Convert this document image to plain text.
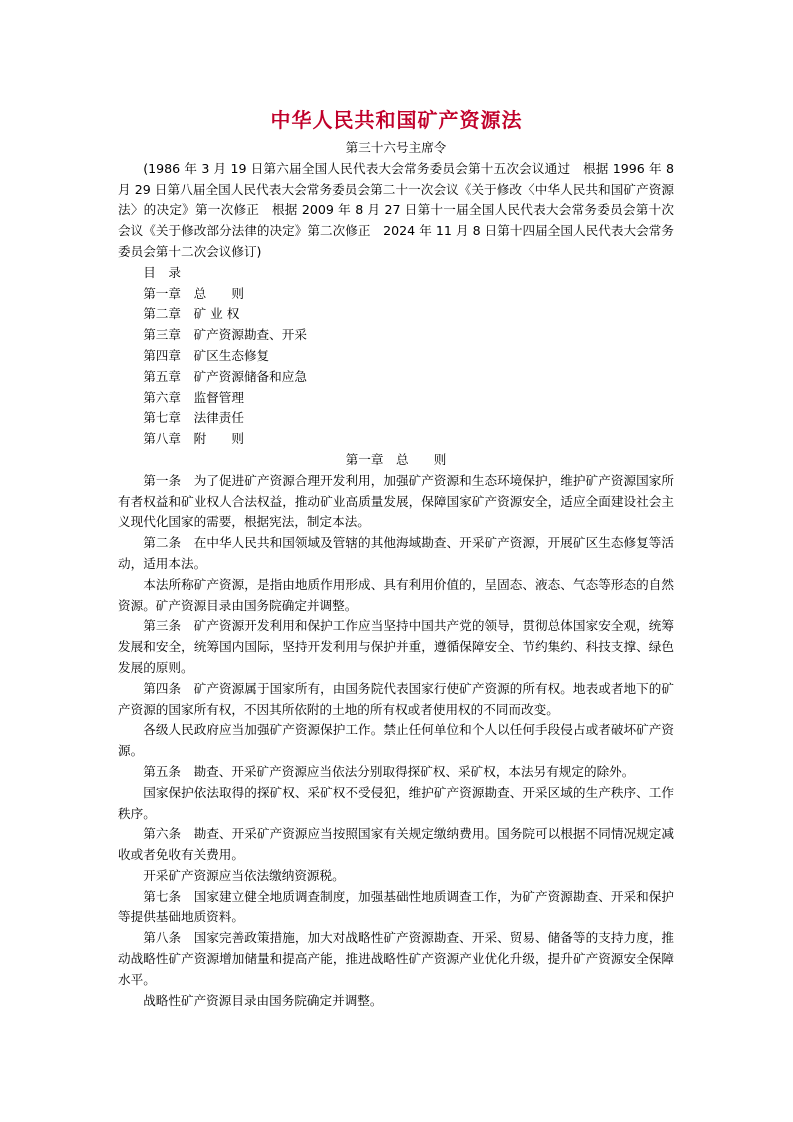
中华人民共和国矿产资源法

第三十六号主席令

(1986 年 3 月 19 日第六届全国人民代表大会常务委员会第十五次会议通过　根据 1996 年 8 月 29 日第八届全国人民代表大会常务委员会第二十一次会议《关于修改〈中华人民共和国矿产资源法〉的决定》第一次修正　根据 2009 年 8 月 27 日第十一届全国人民代表大会常务委员会第十次会议《关于修改部分法律的决定》第二次修正　2024 年 11 月 8 日第十四届全国人民代表大会常务委员会第十二次会议修订)

目　录

第一章　总　　则

第二章　矿 业 权

第三章　矿产资源勘查、开采

第四章　矿区生态修复

第五章　矿产资源储备和应急

第六章　监督管理

第七章　法律责任

第八章　附　　则

第一章　总　　则

第一条　为了促进矿产资源合理开发利用，加强矿产资源和生态环境保护，维护矿产资源国家所有者权益和矿业权人合法权益，推动矿业高质量发展，保障国家矿产资源安全，适应全面建设社会主义现代化国家的需要，根据宪法，制定本法。

第二条　在中华人民共和国领域及管辖的其他海域勘查、开采矿产资源，开展矿区生态修复等活动，适用本法。

本法所称矿产资源，是指由地质作用形成、具有利用价值的，呈固态、液态、气态等形态的自然资源。矿产资源目录由国务院确定并调整。

第三条　矿产资源开发利用和保护工作应当坚持中国共产党的领导，贯彻总体国家安全观，统筹发展和安全，统筹国内国际，坚持开发利用与保护并重，遵循保障安全、节约集约、科技支撑、绿色发展的原则。

第四条　矿产资源属于国家所有，由国务院代表国家行使矿产资源的所有权。地表或者地下的矿产资源的国家所有权，不因其所依附的土地的所有权或者使用权的不同而改变。

各级人民政府应当加强矿产资源保护工作。禁止任何单位和个人以任何手段侵占或者破坏矿产资源。

第五条　勘查、开采矿产资源应当依法分别取得探矿权、采矿权，本法另有规定的除外。

国家保护依法取得的探矿权、采矿权不受侵犯，维护矿产资源勘查、开采区域的生产秩序、工作秩序。

第六条　勘查、开采矿产资源应当按照国家有关规定缴纳费用。国务院可以根据不同情况规定减收或者免收有关费用。

开采矿产资源应当依法缴纳资源税。

第七条　国家建立健全地质调查制度，加强基础性地质调查工作，为矿产资源勘查、开采和保护等提供基础地质资料。

第八条　国家完善政策措施，加大对战略性矿产资源勘查、开采、贸易、储备等的支持力度，推动战略性矿产资源增加储量和提高产能，推进战略性矿产资源产业优化升级，提升矿产资源安全保障水平。

战略性矿产资源目录由国务院确定并调整。
